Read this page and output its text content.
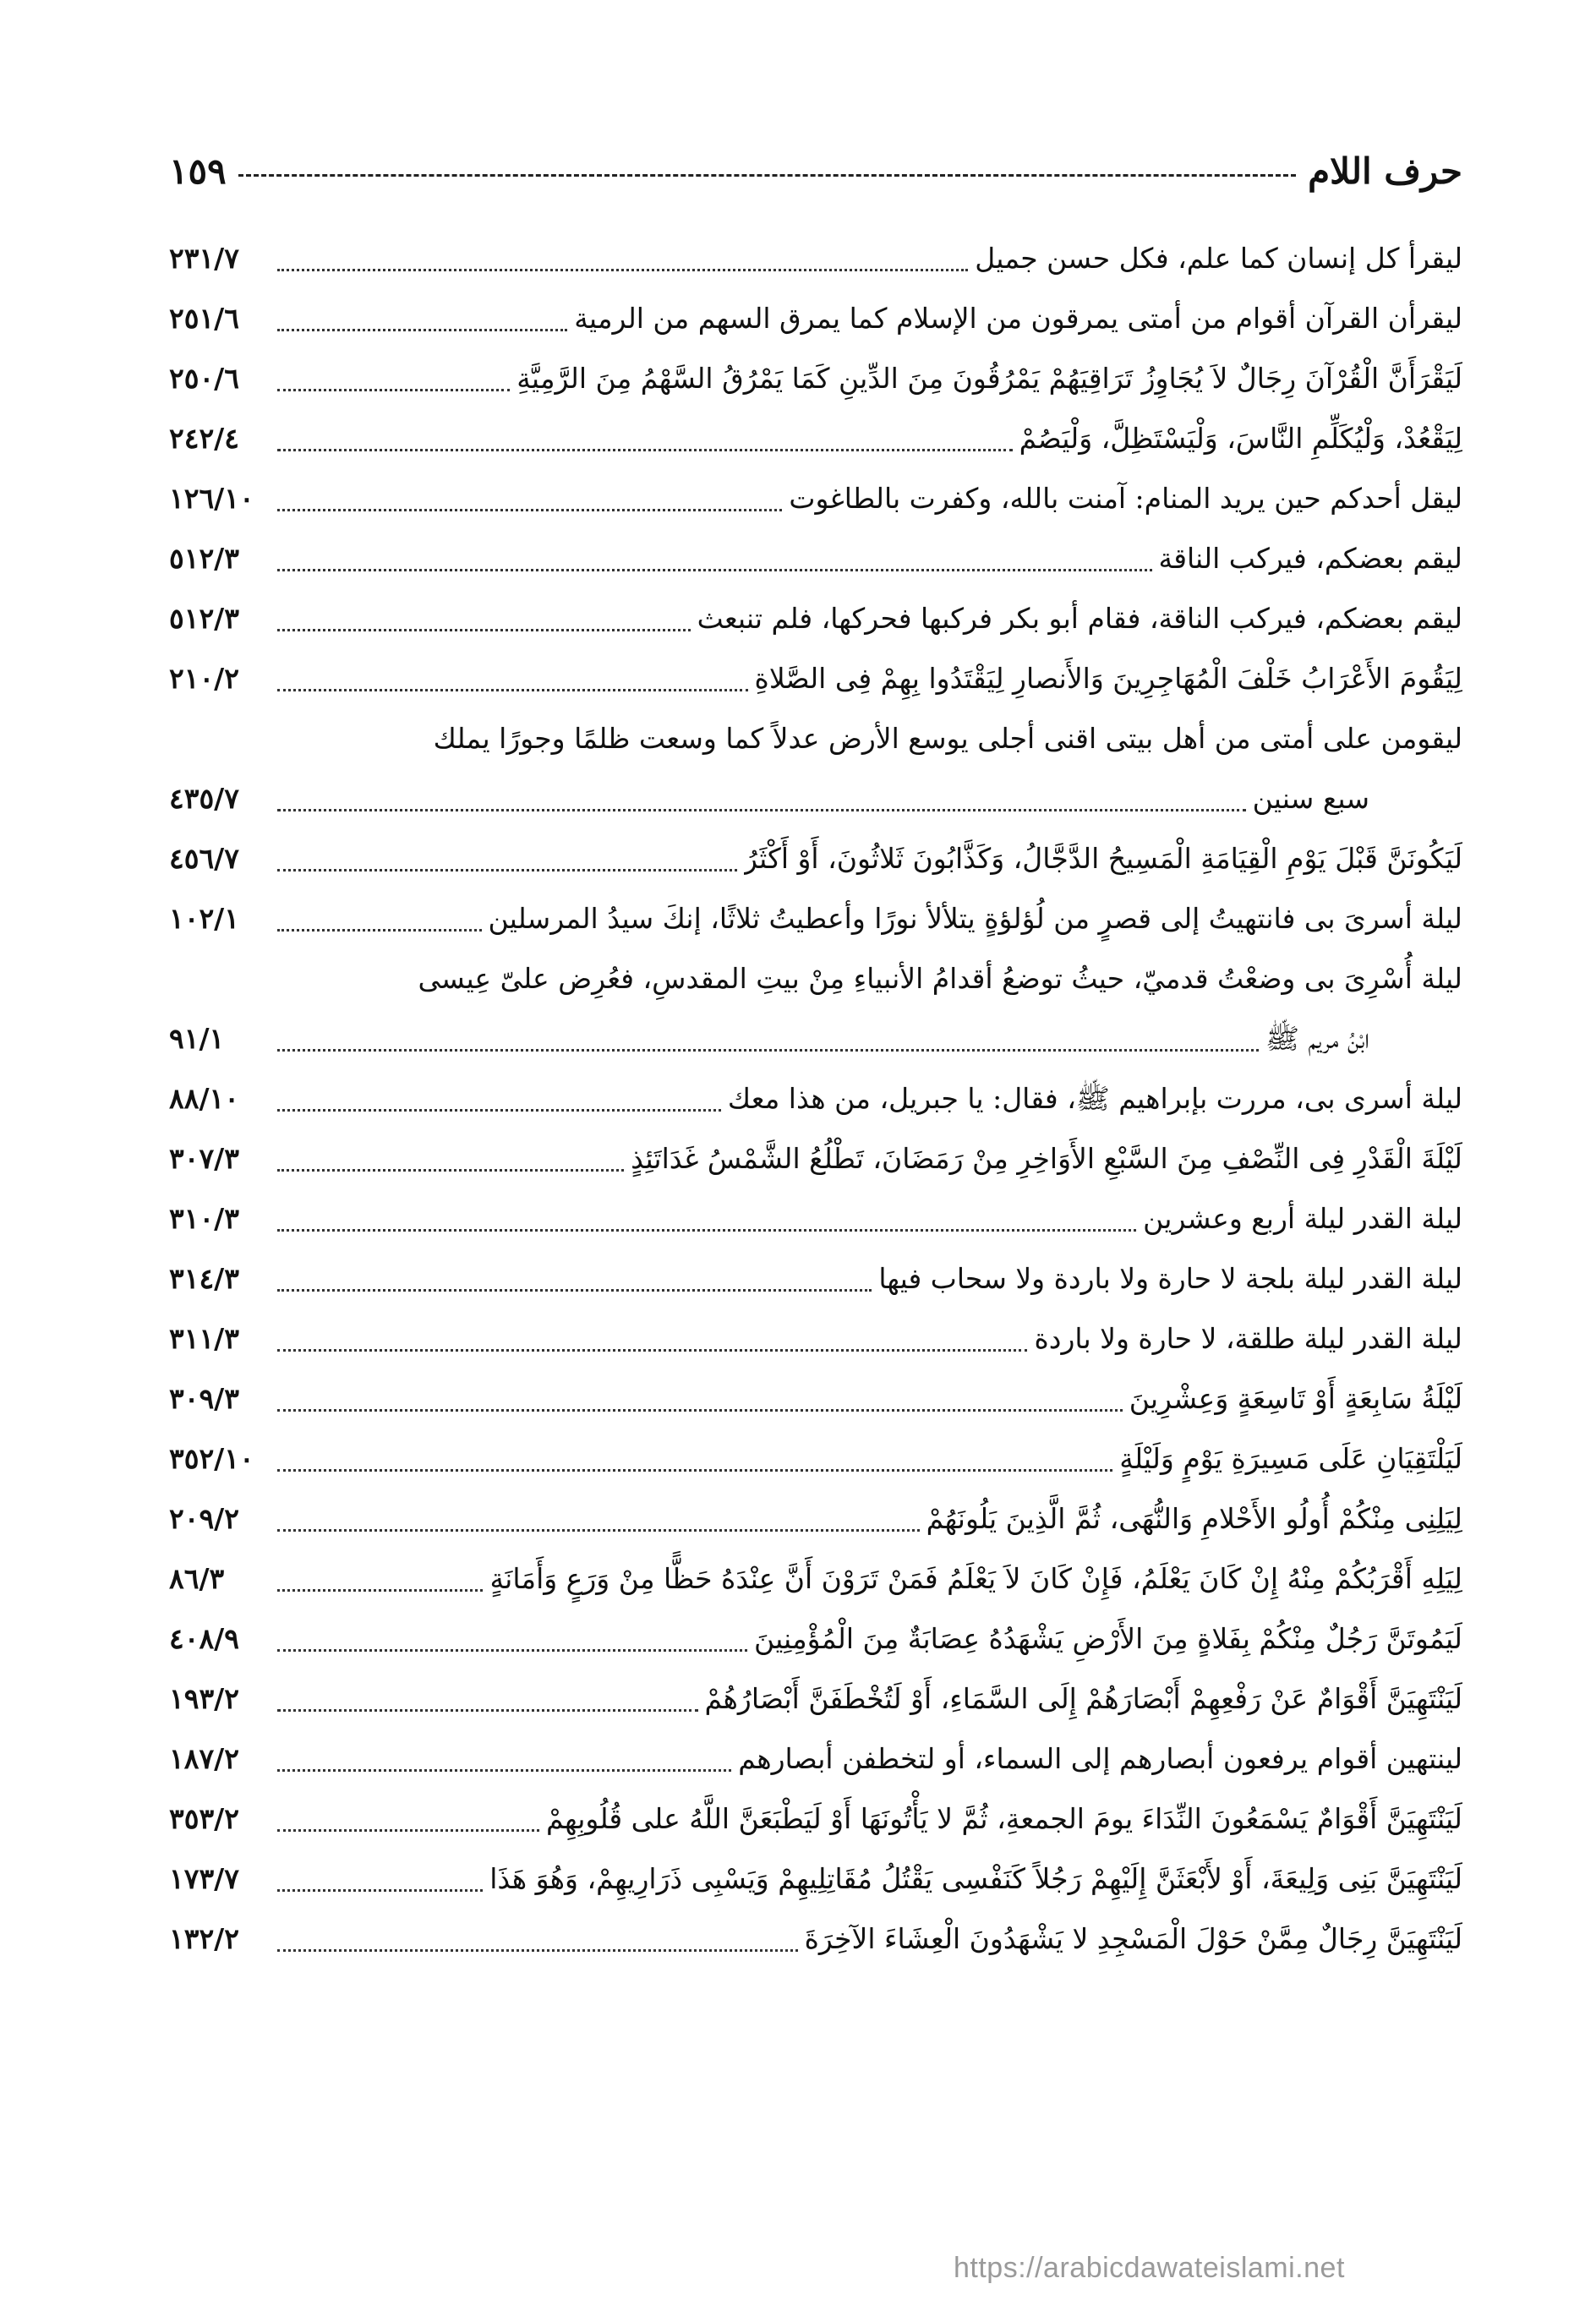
حرف اللام
١٥٩
ليقرأ كل إنسان كما علم، فكل حسن جميل
٢٣١/٧
ليقرأن القرآن أقوام من أمتى يمرقون من الإسلام كما يمرق السهم من الرمية
٢٥١/٦
لَيَقْرَأَنَّ الْقُرْآنَ رِجَالٌ لاَ يُجَاوِزُ تَرَاقِيَهُمْ يَمْرُقُونَ مِنَ الدِّينِ كَمَا يَمْرُقُ السَّهْمُ مِنَ الرَّمِيَّةِ
٢٥٠/٦
لِيَقْعُدْ، وَلْيُكَلِّمِ النَّاسَ، وَلْيَسْتَظِلَّ، وَلْيَصُمْ
٢٤٢/٤
ليقل أحدكم حين يريد المنام: آمنت بالله، وكفرت بالطاغوت
١٢٦/١٠
ليقم بعضكم، فيركب الناقة
٥١٢/٣
ليقم بعضكم، فيركب الناقة، فقام أبو بكر فركبها فحركها، فلم تنبعث
٥١٢/٣
لِيَقُومَ الأَعْرَابُ خَلْفَ الْمُهَاجِرِينَ وَالأَنصارِ لِيَقْتَدُوا بِهِمْ فِى الصَّلاةِ
٢١٠/٢
ليقومن على أمتى من أهل بيتى اقنى أجلى يوسع الأرض عدلاً كما وسعت ظلمًا وجورًا يملك
سبع سنين
٤٣٥/٧
لَيَكُونَنَّ قَبْلَ يَوْمِ الْقِيَامَةِ الْمَسِيحُ الدَّجَّالُ، وَكَذَّابُونَ ثَلاثُونَ، أَوْ أَكْثَرُ
٤٥٦/٧
ليلة أسرىَ بى فانتهيتُ إلى قصرٍ من لُؤلؤةٍ يتلألأ نورًا وأعطيتُ ثلاثًا، إنكَ سيدُ المرسلين
١٠٢/١
ليلة أُسْرِىَ بى وضعْتُ قدميّ، حيثُ توضعُ أقدامُ الأنبياءِ مِنْ بيتِ المقدسِ، فعُرِض علىّ عِيسى
ابْنُ مريم ﷺ
٩١/١
ليلة أسرى بى، مررت بإبراهيم ﷺ، فقال: يا جبريل، من هذا معك
٨٨/١٠
لَيْلَةَ الْقَدْرِ فِى النِّصْفِ مِنَ السَّبْعِ الأَوَاخِرِ مِنْ رَمَضَانَ، تَطْلُعُ الشَّمْسُ غَدَاتَئِذٍ
٣٠٧/٣
ليلة القدر ليلة أربع وعشرين
٣١٠/٣
ليلة القدر ليلة بلجة لا حارة ولا باردة ولا سحاب فيها
٣١٤/٣
ليلة القدر ليلة طلقة، لا حارة ولا باردة
٣١١/٣
لَيْلَةُ سَابِعَةٍ أَوْ تَاسِعَةٍ وَعِشْرِينَ
٣٠٩/٣
لَيَلْتَقِيَانِ عَلَى مَسِيرَةِ يَوْمٍ وَلَيْلَةٍ
٣٥٢/١٠
لِيَلِنِى مِنْكُمْ أُولُو الأَحْلامِ وَالنُّهَى، ثُمَّ الَّذِينَ يَلُونَهُمْ
٢٠٩/٢
لِيَلِهِ أَقْرَبُكُمْ مِنْهُ إِنْ كَانَ يَعْلَمُ، فَإِنْ كَانَ لاَ يَعْلَمُ فَمَنْ تَرَوْنَ أَنَّ عِنْدَهُ حَظًّا مِنْ وَرَعٍ وَأَمَانَةٍ
٨٦/٣
لَيَمُوتَنَّ رَجُلٌ مِنْكُمْ بِفَلاةٍ مِنَ الأَرْضِ يَشْهَدُهُ عِصَابَةٌ مِنَ الْمُؤْمِنِينَ
٤٠٨/٩
لَيَنْتَهِيَنَّ أَقْوَامٌ عَنْ رَفْعِهِمْ أَبْصَارَهُمْ إِلَى السَّمَاءِ، أَوْ لَتُخْطَفَنَّ أَبْصَارُهُمْ
١٩٣/٢
لينتهين أقوام يرفعون أبصارهم إلى السماء، أو لتخطفن أبصارهم
١٨٧/٢
لَيَنْتَهِيَنَّ أَقْوَامٌ يَسْمَعُونَ النِّدَاءَ يومَ الجمعةِ، ثُمَّ لا يَأْتُونَهَا أَوْ لَيَطْبَعَنَّ اللَّهُ على قُلُوبِهِمْ
٣٥٣/٢
لَيَنْتَهِيَنَّ بَنِى وَلِيعَةَ، أَوْ لأَبْعَثَنَّ إِلَيْهِمْ رَجُلاً كَنَفْسِى يَقْتُلُ مُقَاتِلِيهِمْ وَيَسْبِى ذَرَارِيهِمْ، وَهُوَ هَذَا
١٧٣/٧
لَيَنْتَهِيَنَّ رِجَالٌ مِمَّنْ حَوْلَ الْمَسْجِدِ لا يَشْهَدُونَ الْعِشَاءَ الآخِرَةَ
١٣٢/٢
https://arabicdawateislami.net
